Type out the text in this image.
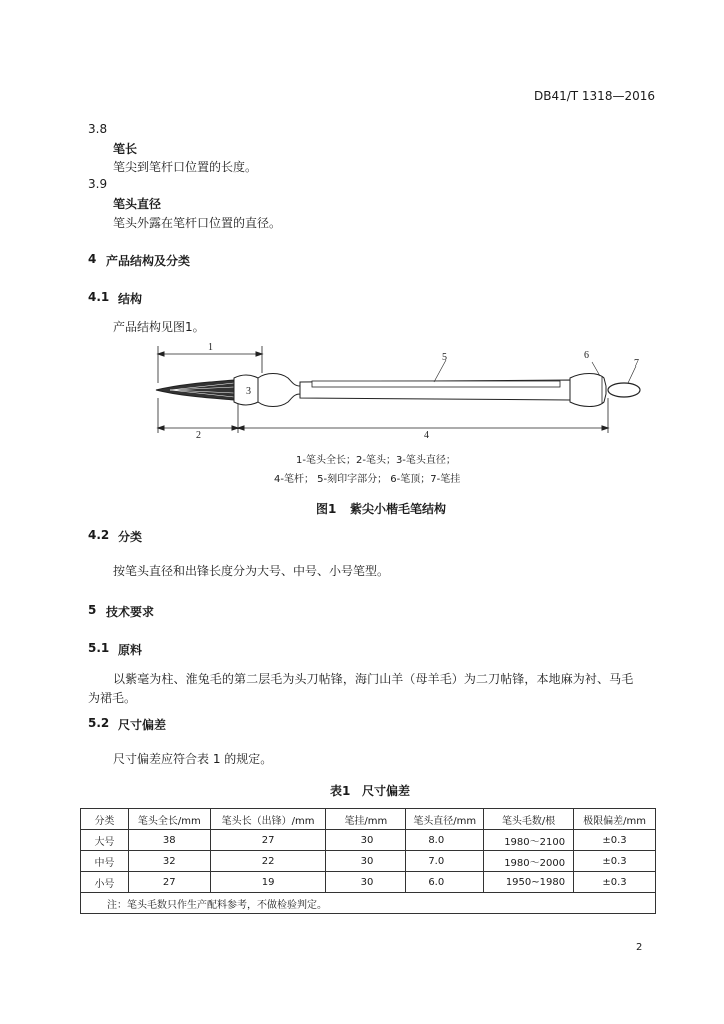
DB41/T 1318—2016
3.8
笔长
笔尖到笔杆口位置的长度。
3.9
笔头直径
笔头外露在笔杆口位置的直径。
4 产品结构及分类
4.1 结构
产品结构见图1。
1
2
3
4
5	6
7
1-笔头全长；2-笔头；3-笔头直径；
4-笔杆； 5-刻印字部分； 6-笔顶；7-笔挂
图1 紫尖小楷毛笔结构
4.2 分类
按笔头直径和出锋长度分为大号、中号、小号笔型。
5 技术要求
5.1 原料
以紫毫为柱、淮兔毛的第二层毛为头刀帖锋，海门山羊（母羊毛）为二刀帖锋，本地麻为衬、马毛
为裙毛。
5.2 尺寸偏差
尺寸偏差应符合表 1 的规定。
表1 尺寸偏差
分类	笔头全长/mm	笔头长（出锋）/mm	笔挂/mm	笔头直径/mm	笔头毛数/根	极限偏差/mm
大号	38	27	30	8.0	1980～2100	±0.3
中号	32	22	30	7.0	1980～2000	±0.3
小号	27	19	30	6.0	1950~1980	±0.3
注：笔头毛数只作生产配料参考，不做检验判定。						
2
